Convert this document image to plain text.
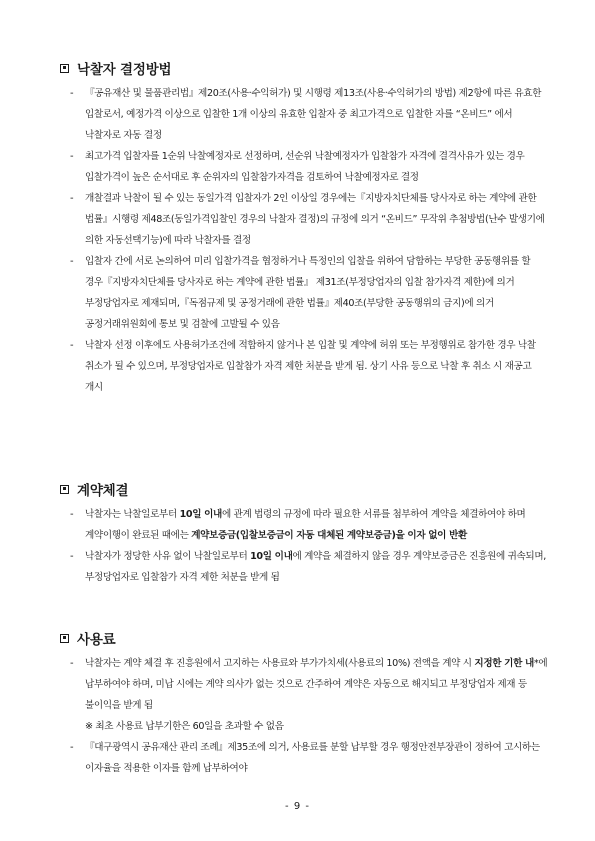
낙찰자 결정방법
- 『공유재산 및 물품관리법』제20조(사용·수익허가) 및 시행령 제13조(사용·수익허가의 방법) 제2항에 따른 유효한 입찰로서, 예정가격 이상으로 입찰한 1개 이상의 유효한 입찰자 중 최고가격으로 입찰한 자를 “온비드” 에서 낙찰자로 자동 결정
- 최고가격 입찰자를 1순위 낙찰예정자로 선정하며, 선순위 낙찰예정자가 입찰참가 자격에 결격사유가 있는 경우 입찰가격이 높은 순서대로 후 순위자의 입찰참가자격을 검토하여 낙찰예정자로 결정
- 개찰결과 낙찰이 될 수 있는 동일가격 입찰자가 2인 이상일 경우에는『지방자치단체를 당사자로 하는 계약에 관한 법률』시행령 제48조(동일가격입찰인 경우의 낙찰자 결정)의 규정에 의거 “온비드” 무작위 추첨방법(난수 발생기에 의한 자동선택기능)에 따라 낙찰자를 결정
- 입찰자 간에 서로 논의하여 미리 입찰가격을 협정하거나 특정인의 입찰을 위하여 담합하는 부당한 공동행위를 할 경우『지방자치단체를 당사자로 하는 계약에 관한 법률』 제31조(부정당업자의 입찰 참가자격 제한)에 의거 부정당업자로 제재되며,『독점규제 및 공정거래에 관한 법률』제40조(부당한 공동행위의 금지)에 의거 공정거래위원회에 통보 및 검찰에 고발될 수 있음
- 낙찰자 선정 이후에도 사용허가조건에 적합하지 않거나 본 입찰 및 계약에 허위 또는 부정행위로 참가한 경우 낙찰 취소가 될 수 있으며, 부정당업자로 입찰참가 자격 제한 처분을 받게 됨. 상기 사유 등으로 낙찰 후 취소 시 재공고 개시
계약체결
- 낙찰자는 낙찰일로부터 10일 이내에 관계 법령의 규정에 따라 필요한 서류를 첨부하여 계약을 체결하여야 하며 계약이행이 완료된 때에는 계약보증금(입찰보증금이 자동 대체된 계약보증금)을 이자 없이 반환
- 낙찰자가 정당한 사유 없이 낙찰일로부터 10일 이내에 계약을 체결하지 않을 경우 계약보증금은 진흥원에 귀속되며, 부정당업자로 입찰참가 자격 제한 처분을 받게 됨
사용료
- 낙찰자는 계약 체결 후 진흥원에서 고지하는 사용료와 부가가치세(사용료의 10%) 전액을 계약 시 지정한 기한 내*에 납부하여야 하며, 미납 시에는 계약 의사가 없는 것으로 간주하여 계약은 자동으로 해지되고 부정당업자 제재 등 불이익을 받게 됨
※ 최초 사용료 납부기한은 60일을 초과할 수 없음
- 『대구광역시 공유재산 관리 조례』제35조에 의거, 사용료를 분할 납부할 경우 행정안전부장관이 정하여 고시하는 이자율을 적용한 이자를 함께 납부하여야
- 9 -
